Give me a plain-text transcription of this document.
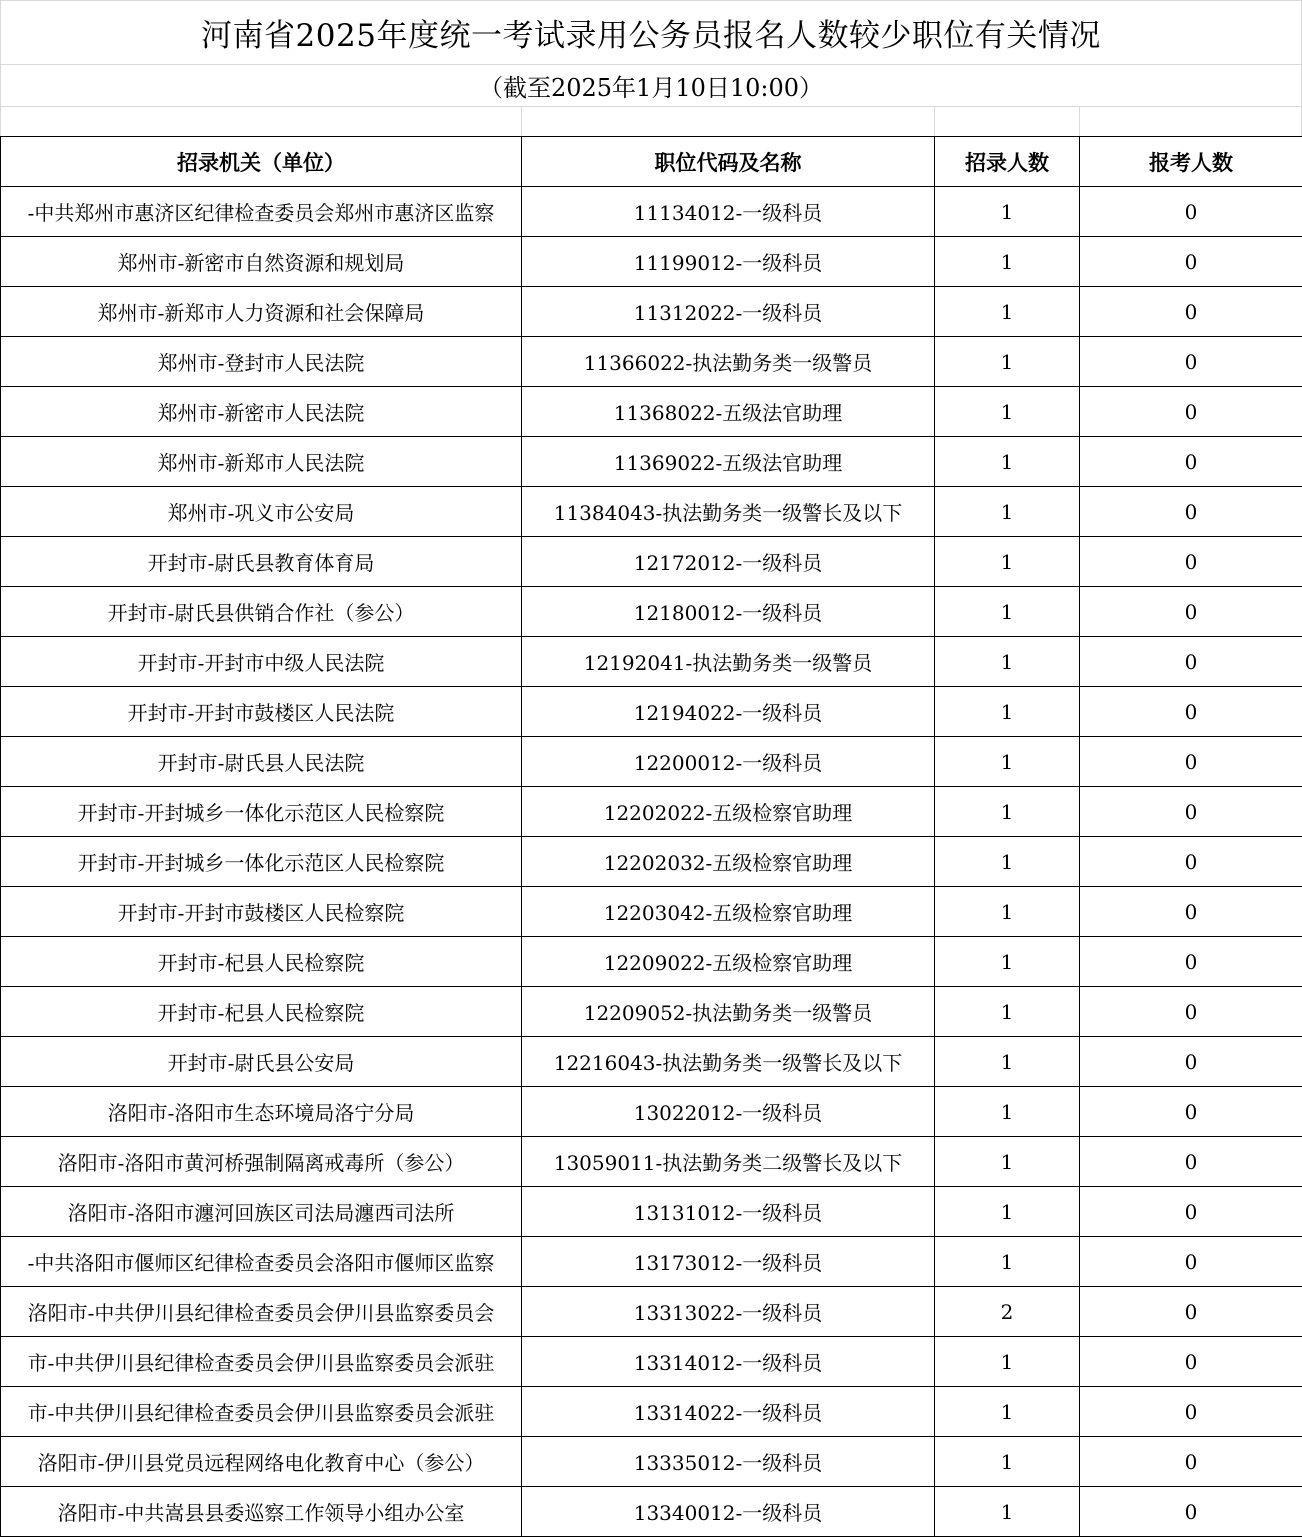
河南省2025年度统一考试录用公务员报名人数较少职位有关情况
（截至2025年1月10日10:00）
招录机关（单位）	职位代码及名称	招录人数	报考人数
-中共郑州市惠济区纪律检查委员会郑州市惠济区监察	11134012-一级科员	1	0
郑州市-新密市自然资源和规划局	11199012-一级科员	1	0
郑州市-新郑市人力资源和社会保障局	11312022-一级科员	1	0
郑州市-登封市人民法院	11366022-执法勤务类一级警员	1	0
郑州市-新密市人民法院	11368022-五级法官助理	1	0
郑州市-新郑市人民法院	11369022-五级法官助理	1	0
郑州市-巩义市公安局	11384043-执法勤务类一级警长及以下	1	0
开封市-尉氏县教育体育局	12172012-一级科员	1	0
开封市-尉氏县供销合作社（参公）	12180012-一级科员	1	0
开封市-开封市中级人民法院	12192041-执法勤务类一级警员	1	0
开封市-开封市鼓楼区人民法院	12194022-一级科员	1	0
开封市-尉氏县人民法院	12200012-一级科员	1	0
开封市-开封城乡一体化示范区人民检察院	12202022-五级检察官助理	1	0
开封市-开封城乡一体化示范区人民检察院	12202032-五级检察官助理	1	0
开封市-开封市鼓楼区人民检察院	12203042-五级检察官助理	1	0
开封市-杞县人民检察院	12209022-五级检察官助理	1	0
开封市-杞县人民检察院	12209052-执法勤务类一级警员	1	0
开封市-尉氏县公安局	12216043-执法勤务类一级警长及以下	1	0
洛阳市-洛阳市生态环境局洛宁分局	13022012-一级科员	1	0
洛阳市-洛阳市黄河桥强制隔离戒毒所（参公）	13059011-执法勤务类二级警长及以下	1	0
洛阳市-洛阳市瀍河回族区司法局瀍西司法所	13131012-一级科员	1	0
-中共洛阳市偃师区纪律检查委员会洛阳市偃师区监察	13173012-一级科员	1	0
洛阳市-中共伊川县纪律检查委员会伊川县监察委员会	13313022-一级科员	2	0
市-中共伊川县纪律检查委员会伊川县监察委员会派驻	13314012-一级科员	1	0
市-中共伊川县纪律检查委员会伊川县监察委员会派驻	13314022-一级科员	1	0
洛阳市-伊川县党员远程网络电化教育中心（参公）	13335012-一级科员	1	0
洛阳市-中共嵩县县委巡察工作领导小组办公室	13340012-一级科员	1	0
